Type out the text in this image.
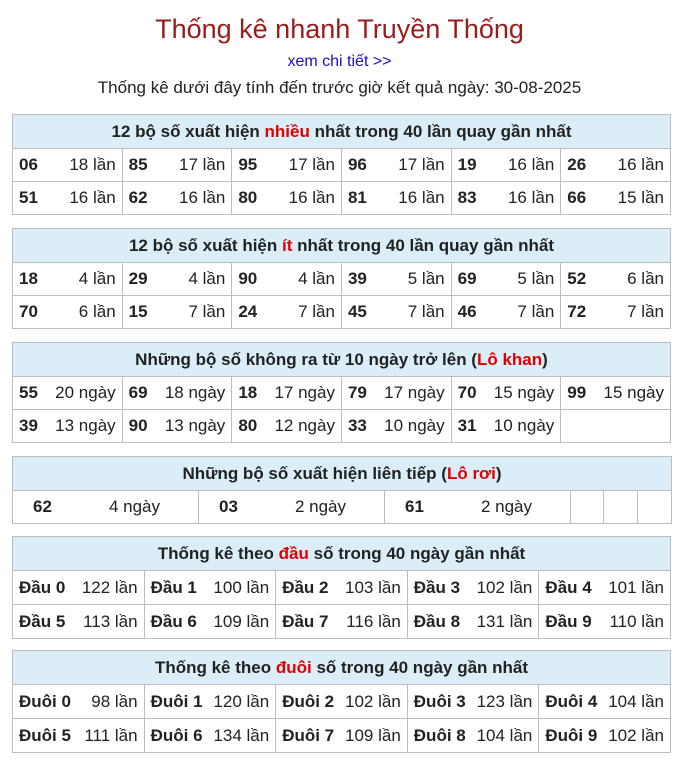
Thống kê nhanh Truyền Thống
xem chi tiết >>
Thống kê dưới đây tính đến trước giờ kết quả ngày: 30-08-2025
12 bộ số xuất hiện nhiều nhất trong 40 lần quay gần nhất					

06 18 lần	85 17 lần	95 17 lần	96 17 lần	19 16 lần	26 16 lần

51 16 lần	62 16 lần	80 16 lần	81 16 lần	83 16 lần	66 15 lần
12 bộ số xuất hiện ít nhất trong 40 lần quay gần nhất					

18 4 lần	29 4 lần	90 4 lần	39 5 lần	69 5 lần	52 6 lần

70 6 lần	15 7 lần	24 7 lần	45 7 lần	46 7 lần	72 7 lần
Những bộ số không ra từ 10 ngày trở lên (Lô khan)					

55 20 ngày	69 18 ngày	18 17 ngày	79 17 ngày	70 15 ngày	99 15 ngày

39 13 ngày	90 13 ngày	80 12 ngày	33 10 ngày	31 10 ngày	

Những bộ số xuất hiện liên tiếp (Lô rơi)

62	4 ngày	03	2 ngày	61	2 ngày

Thống kê theo đầu số trong 40 ngày gần nhất				

Đầu 0 122 lần	Đầu 1 100 lần	Đầu 2 103 lần	Đầu 3 102 lần	Đầu 4 101 lần

Đầu 5 113 lần	Đầu 6 109 lần	Đầu 7 116 lần	Đầu 8 131 lần	Đầu 9 110 lần
Thống kê theo đuôi số trong 40 ngày gần nhất				

Đuôi 0 98 lần	Đuôi 1 120 lần	Đuôi 2 102 lần	Đuôi 3 123 lần	Đuôi 4 104 lần

Đuôi 5 111 lần	Đuôi 6 134 lần	Đuôi 7 109 lần	Đuôi 8 104 lần	Đuôi 9 102 lần
